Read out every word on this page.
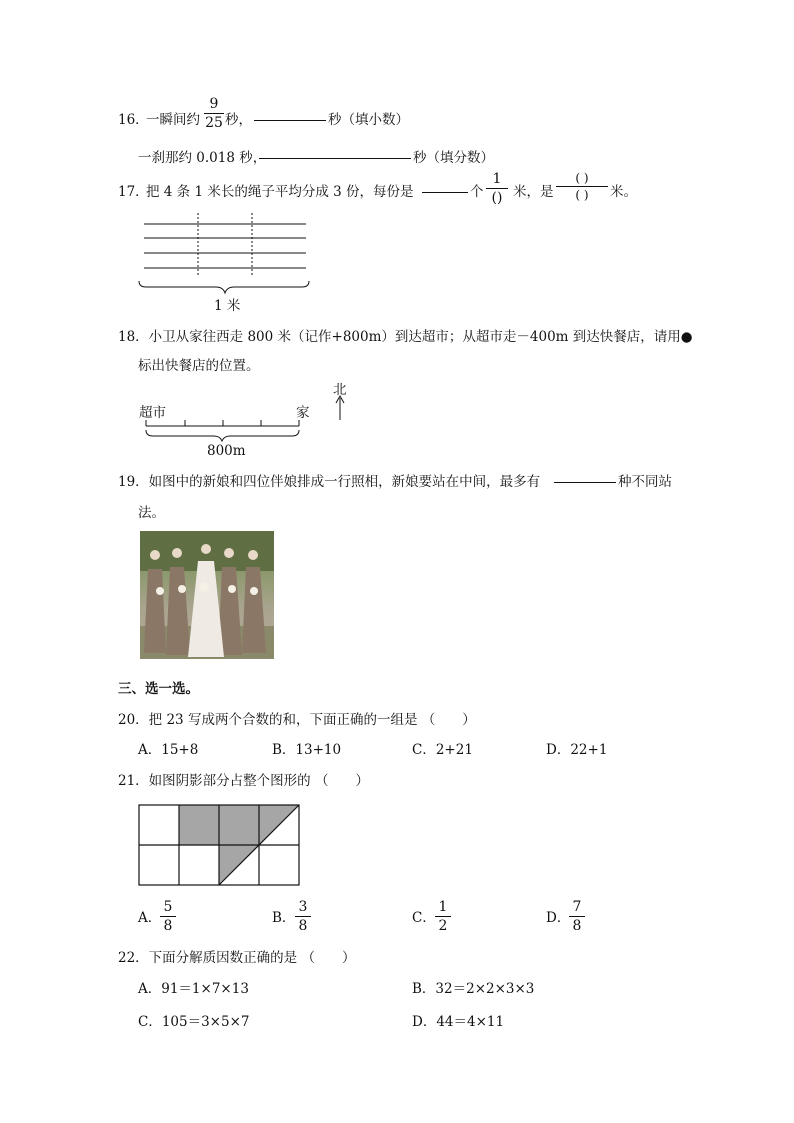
16．
一瞬间约
9
25 秒，	秒（填小数）
一刹那约 0.018 秒，	秒（填分数）
17．
把 4 条 1 米长的绳子平均分成 3 份，每份是	个
1
() 米，是
( )
( )	米。
1 米
18．小卫从家往西走 800 米（记作+800m）到达超市；从超市走－400m 到达快餐店，请用●
标出快餐店的位置。
超市	家
北
800m
19．如图中的新娘和四位伴娘排成一行照相，新娘要站在中间，最多有	种不同站
法。
三、选一选。
20．把 23 写成两个合数的和，下面正确的一组是 （　　）
A．15+8	B．13+10	C．2+21	D．22+1
21．如图阴影部分占整个图形的 （　　）
A．
5
8	B．
3
8	C．
1
2	D．
7
8
22．下面分解质因数正确的是 （　　）
A．91＝1×7×13	B．32＝2×2×3×3
C．105＝3×5×7	D．44＝4×11
